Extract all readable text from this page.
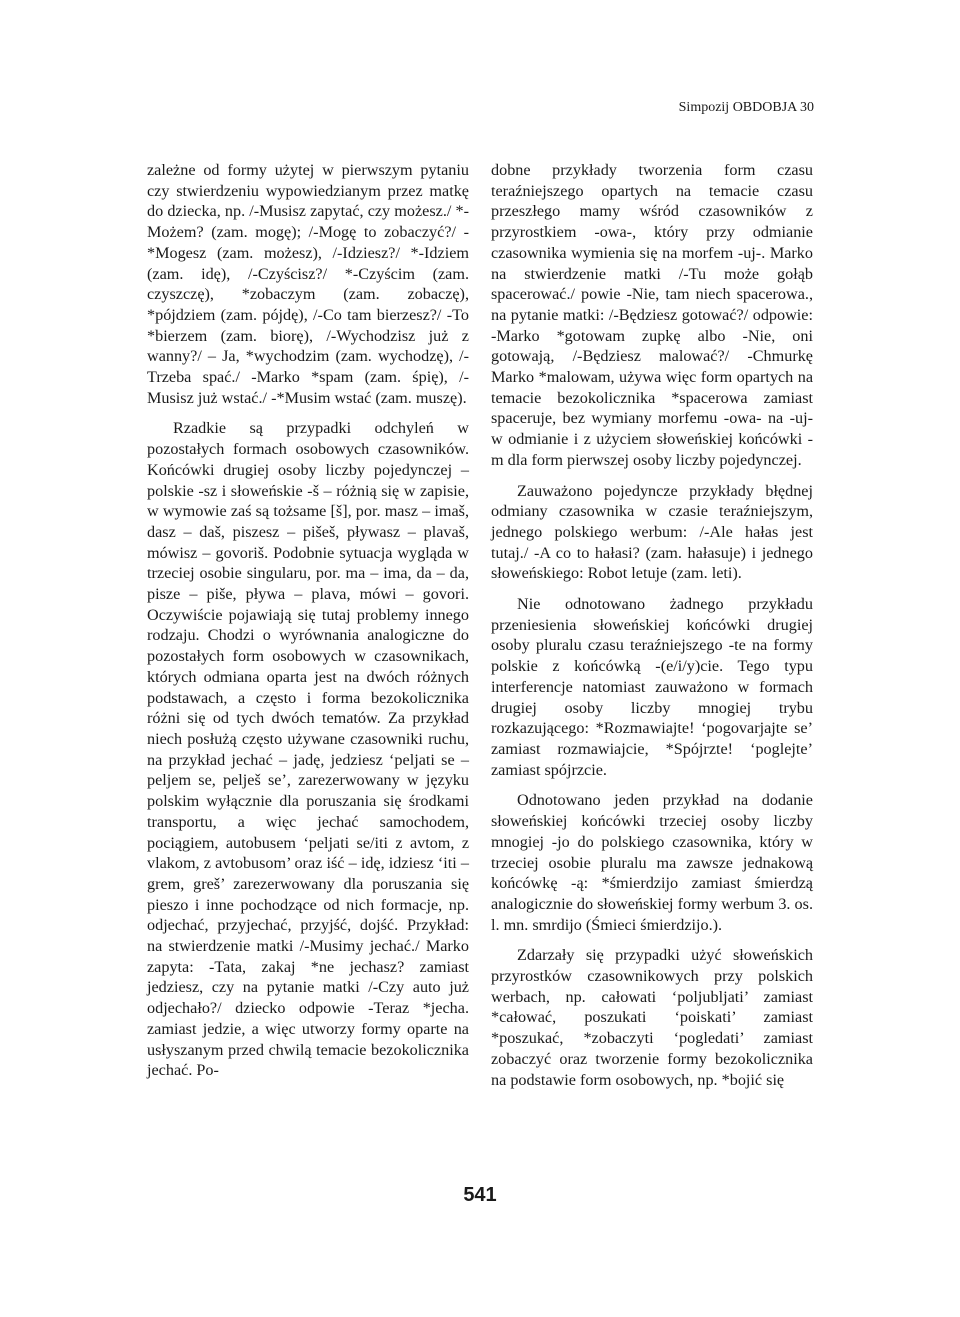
Simpozij OBDOBJA 30

zależne od formy użytej w pierwszym pytaniu czy stwierdzeniu wypowiedzianym przez matkę do dziecka, np. /-Musisz zapytać, czy możesz./ *-Możem? (zam. mogę); /-Mogę to zobaczyć?/ -*Mogesz (zam. możesz), /-Idziesz?/ *-Idziem (zam. idę), /-Czyścisz?/ *-Czyścim (zam. czyszczę), *zobaczym (zam. zobaczę), *pójdziem (zam. pójdę), /-Co tam bierzesz?/ -To *bierzem (zam. biorę), /-Wychodzisz już z wanny?/ – Ja, *wychodzim (zam. wychodzę), /-Trzeba spać./ -Marko *spam (zam. śpię), /-Musisz już wstać./ -*Musim wstać (zam. muszę).

Rzadkie są przypadki odchyleń w pozostałych formach osobowych czasowników. Końcówki drugiej osoby liczby pojedynczej – polskie -sz i słoweńskie -š – różnią się w zapisie, w wymowie zaś są tożsame [š], por. masz – imaš, dasz – daš, piszesz – pišeš, pływasz – plavaš, mówisz – govoriš. Podobnie sytuacja wygląda w trzeciej osobie singularu, por. ma – ima, da – da, pisze – piše, pływa – plava, mówi – govori. Oczywiście pojawiają się tutaj problemy innego rodzaju. Chodzi o wyrównania analogiczne do pozostałych form osobowych w czasownikach, których odmiana oparta jest na dwóch różnych podstawach, a często i forma bezokolicznika różni się od tych dwóch tematów. Za przykład niech posłużą często używane czasowniki ruchu, na przykład jechać – jadę, jedziesz ʻpeljati se – peljem se, pelješ se’, zarezerwowany w języku polskim wyłącznie dla poruszania się środkami transportu, a więc jechać samochodem, pociągiem, autobusem ʻpeljati se/iti z avtom, z vlakom, z avtobusom’ oraz iść – idę, idziesz ʻiti – grem, greš’ zarezerwowany dla poruszania się pieszo i inne pochodzące od nich formacje, np. odjechać, przyjechać, przyjść, dojść. Przykład: na stwierdzenie matki /-Musimy jechać./ Marko zapyta: -Tata, zakaj *ne jechasz? zamiast jedziesz, czy na pytanie matki /-Czy auto już odjechało?/ dziecko odpowie -Teraz *jecha. zamiast jedzie, a więc utworzy formy oparte na usłyszanym przed chwilą temacie bezokolicznika jechać. Po-

dobne przykłady tworzenia form czasu teraźniejszego opartych na temacie czasu przeszłego mamy wśród czasowników z przyrostkiem -owa-, który przy odmianie czasownika wymienia się na morfem -uj-. Marko na stwierdzenie matki /-Tu może gołąb spacerować./ powie -Nie, tam niech spacerowa., na pytanie matki: /-Będziesz gotować?/ odpowie: -Marko *gotowam zupkę albo -Nie, oni gotowają, /-Będziesz malować?/ -Chmurkę Marko *malowam, używa więc form opartych na temacie bezokolicznika *spacerowa zamiast spaceruje, bez wymiany morfemu -owa- na -uj- w odmianie i z użyciem słoweńskiej końcówki -m dla form pierwszej osoby liczby pojedynczej.

Zauważono pojedyncze przykłady błędnej odmiany czasownika w czasie teraźniejszym, jednego polskiego werbum: /-Ale hałas jest tutaj./ -A co to hałasi? (zam. hałasuje) i jednego słoweńskiego: Robot letuje (zam. leti).

Nie odnotowano żadnego przykładu przeniesienia słoweńskiej końcówki drugiej osoby pluralu czasu teraźniejszego -te na formy polskie z końcówką -(e/i/y)cie. Tego typu interferencje natomiast zauważono w formach drugiej osoby liczby mnogiej trybu rozkazującego: *Rozmawiajte! ʻpogovarjajte se’ zamiast rozmawiajcie, *Spójrzte! ʻpoglejte’ zamiast spójrzcie.

Odnotowano jeden przykład na dodanie słoweńskiej końcówki trzeciej osoby liczby mnogiej -jo do polskiego czasownika, który w trzeciej osobie pluralu ma zawsze jednakową końcówkę -ą: *śmierdzijo zamiast śmierdzą analogicznie do słoweńskiej formy werbum 3. os. l. mn. smrdijo (Śmieci śmierdzijo.).

Zdarzały się przypadki użyć słoweńskich przyrostków czasownikowych przy polskich werbach, np. całowati ʻpoljubljati’ zamiast *całować, poszukati ʻpoiskati’ zamiast *poszukać, *zobaczyti ʻpogledati’ zamiast zobaczyć oraz tworzenie formy bezokolicznika na podstawie form osobowych, np. *bojić się

541
